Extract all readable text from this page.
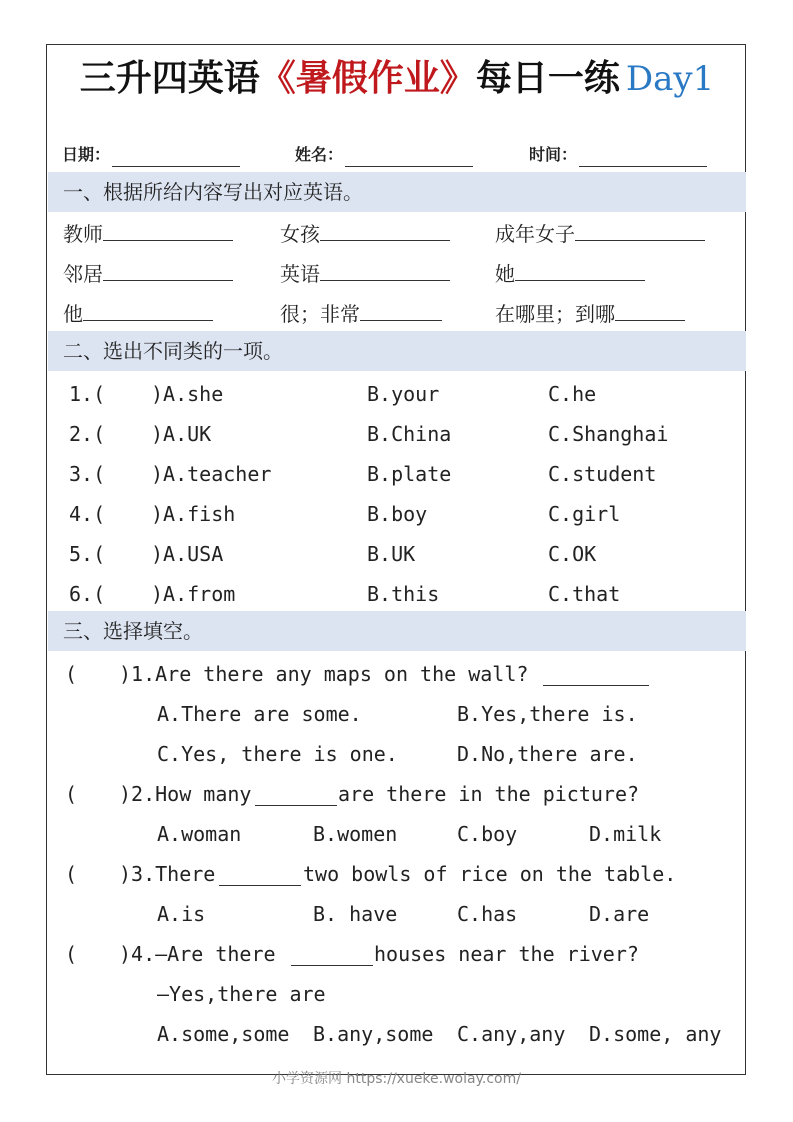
三升四英语《暑假作业》每日一练 Day1
日期：	姓名：	时间：
一、根据所给内容写出对应英语。
教师	女孩	成年女子
邻居	英语	她
他	很；非常	在哪里；到哪
二、选出不同类的一项。
1.( )A.she	B.your	C.he
2.( )A.UK	B.China	C.Shanghai
3.( )A.teacher	B.plate	C.student
4.( )A.fish	B.boy	C.girl
5.( )A.USA	B.UK	C.OK
6.( )A.from	B.this	C.that
三、选择填空。
( )1.Are there any maps on the wall?
A.There are some.	B.Yes,there is.
C.Yes, there is one.	D.No,there are.
( )2.How many	are there in the picture?
A.woman	B.women	C.boy	D.milk
( )3.There	two bowls of rice on the table.
A.is	B. have	C.has	D.are
( )4.—Are there	houses near the river?
—Yes,there are
A.some,some B.any,some C.any,any D.some, any
小学资源网 https://xueke.wolay.com/
